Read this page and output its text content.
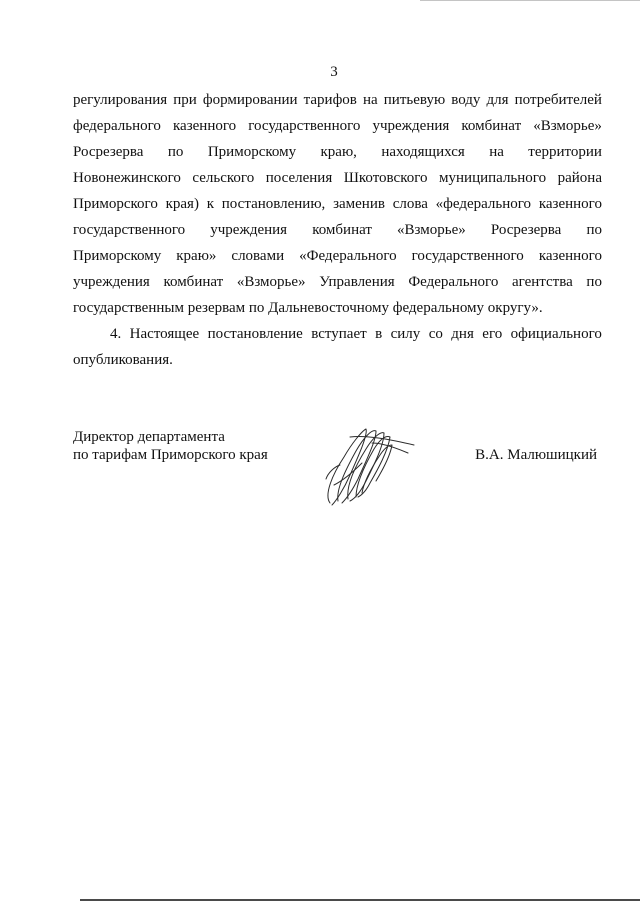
3
регулирования при формировании тарифов на питьевую воду для потребителей
федерального казенного государственного учреждения комбинат «Взморье»
Росрезерва по Приморскому краю, находящихся на территории
Новонежинского сельского поселения Шкотовского муниципального района
Приморского края) к постановлению, заменив слова «федерального казенного
государственного учреждения комбинат «Взморье» Росрезерва по
Приморскому краю» словами «Федерального государственного казенного
учреждения комбинат «Взморье» Управления Федерального агентства по
государственным резервам по Дальневосточному федеральному округу».
4. Настоящее постановление вступает в силу со дня его официального
опубликования.
Директор департамента
по тарифам Приморского края	В.А. Малюшицкий
